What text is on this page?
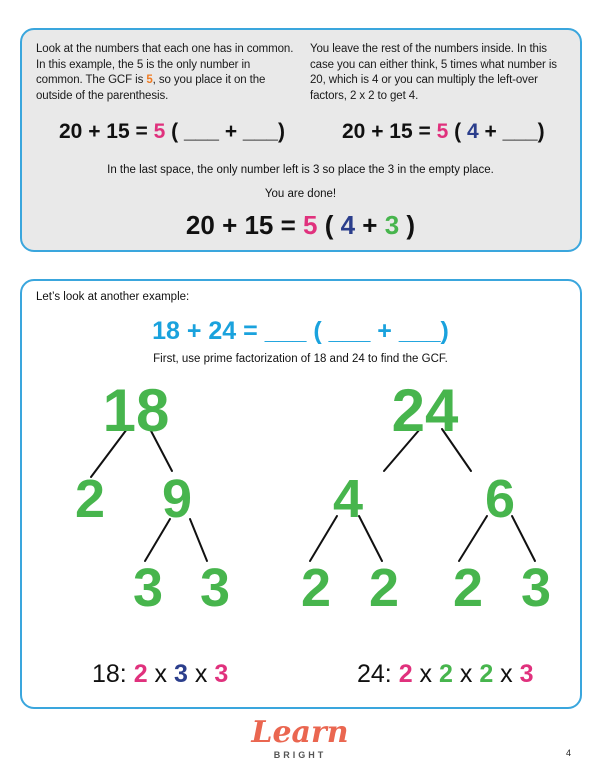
Look at the numbers that each one has in common. In this example, the 5 is the only number in common. The GCF is 5, so you place it on the outside of the parenthesis.
You leave the rest of the numbers inside. In this case you can either think, 5 times what number is 20, which is 4 or you can multiply the left-over factors, 2 x 2 to get 4.
20 + 15 = 5 ( ___ + ___)	20 + 15 = 5 ( 4 + ___)
In the last space, the only number left is 3 so place the 3 in the empty place.
You are done!
20 + 15 = 5 ( 4 + 3 )
Let’s look at another example:
18 + 24 = ___ ( ___ + ___)
First, use prime factorization of 18 and 24 to find the GCF.
18
2 9
3 3
24
4 6
2 2 2 3
18: 2 x 3 x 3	24: 2 x 2 x 2 x 3
Learn
BRIGHT	4
